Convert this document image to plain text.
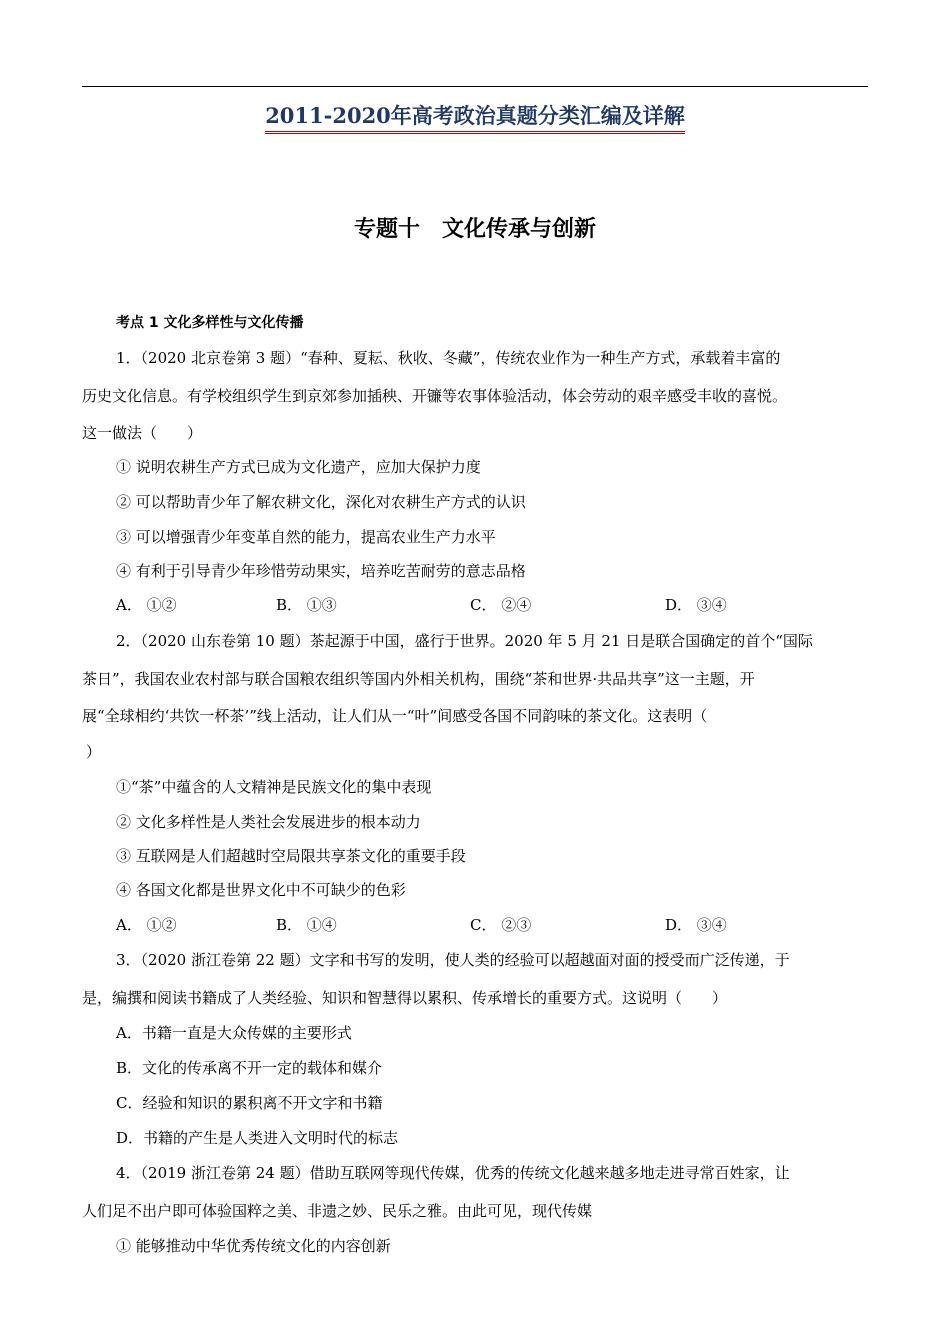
2011-2020年高考政治真题分类汇编及详解
专题十　文化传承与创新
考点 1 文化多样性与文化传播
1．（2020 北京卷第 3 题）“春种、夏耘、秋收、冬藏”，传统农业作为一种生产方式，承载着丰富的
历史文化信息。有学校组织学生到京郊参加插秧、开镰等农事体验活动，体会劳动的艰辛感受丰收的喜悦。
这一做法（　　）
① 说明农耕生产方式已成为文化遗产，应加大保护力度
② 可以帮助青少年了解农耕文化，深化对农耕生产方式的认识
③ 可以增强青少年变革自然的能力，提高农业生产力水平
④ 有利于引导青少年珍惜劳动果实，培养吃苦耐劳的意志品格
A． ①②	B． ①③	C． ②④	D． ③④
2．（2020 山东卷第 10 题）茶起源于中国，盛行于世界。2020 年 5 月 21 日是联合国确定的首个“国际
茶日”，我国农业农村部与联合国粮农组织等国内外相关机构，围绕“茶和世界·共品共享”这一主题，开
展“全球相约‘共饮一杯茶’”线上活动，让人们从一“叶”间感受各国不同韵味的茶文化。这表明（
）
①“茶”中蕴含的人文精神是民族文化的集中表现
② 文化多样性是人类社会发展进步的根本动力
③ 互联网是人们超越时空局限共享茶文化的重要手段
④ 各国文化都是世界文化中不可缺少的色彩
A． ①②	B． ①④	C． ②③	D． ③④
3．（2020 浙江卷第 22 题）文字和书写的发明，使人类的经验可以超越面对面的授受而广泛传递，于
是，编撰和阅读书籍成了人类经验、知识和智慧得以累积、传承增长的重要方式。这说明（　　）
A．书籍一直是大众传媒的主要形式
B．文化的传承离不开一定的载体和媒介
C．经验和知识的累积离不开文字和书籍
D．书籍的产生是人类进入文明时代的标志
4．（2019 浙江卷第 24 题）借助互联网等现代传媒，优秀的传统文化越来越多地走进寻常百姓家，让
人们足不出户即可体验国粹之美、非遗之妙、民乐之雅。由此可见，现代传媒
① 能够推动中华优秀传统文化的内容创新
